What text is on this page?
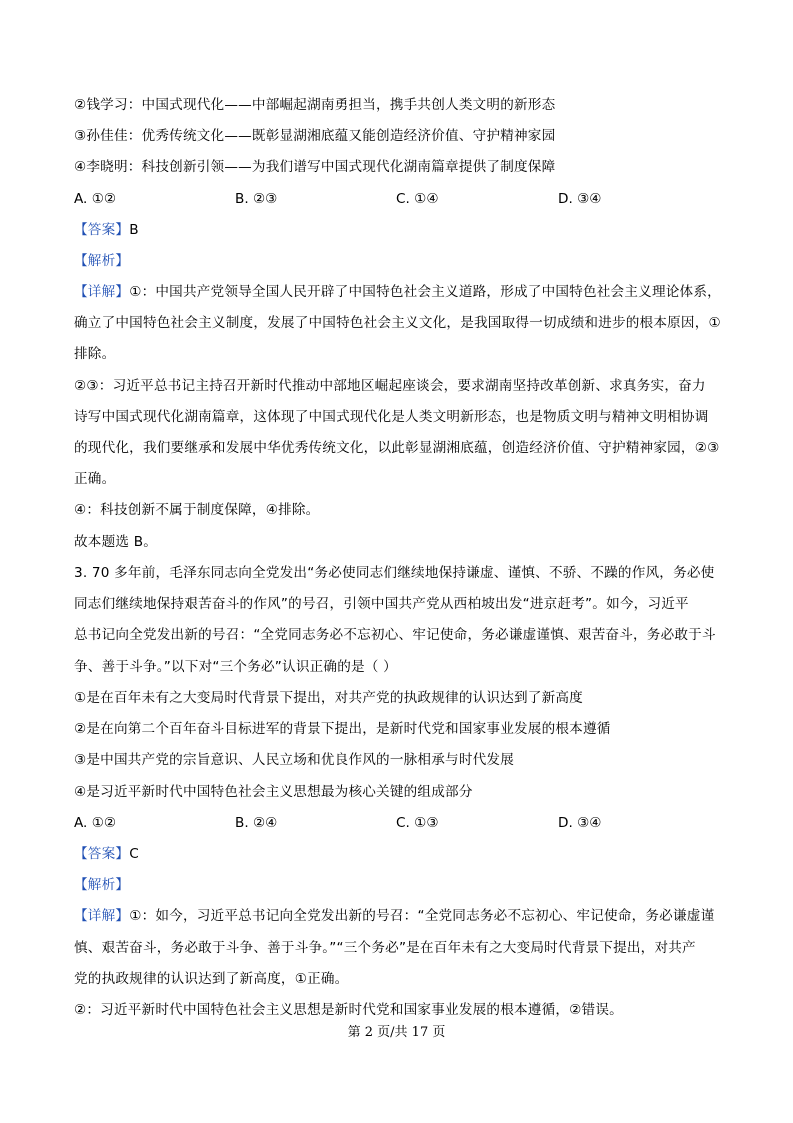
②钱学习：中国式现代化——中部崛起湖南勇担当，携手共创人类文明的新形态
③孙佳佳：优秀传统文化——既彰显湖湘底蕴又能创造经济价值、守护精神家园
④李晓明：科技创新引领——为我们谱写中国式现代化湖南篇章提供了制度保障
A. ①②	B. ②③	C. ①④	D. ③④
【答案】B
【解析】
【详解】①：中国共产党领导全国人民开辟了中国特色社会主义道路，形成了中国特色社会主义理论体系，
确立了中国特色社会主义制度，发展了中国特色社会主义文化，是我国取得一切成绩和进步的根本原因，①
排除。
②③：习近平总书记主持召开新时代推动中部地区崛起座谈会，要求湖南坚持改革创新、求真务实，奋力
诗写中国式现代化湖南篇章，这体现了中国式现代化是人类文明新形态，也是物质文明与精神文明相协调
的现代化，我们要继承和发展中华优秀传统文化，以此彰显湖湘底蕴，创造经济价值、守护精神家园，②③
正确。
④：科技创新不属于制度保障，④排除。
故本题选 B。
3. 70 多年前，毛泽东同志向全党发出“务必使同志们继续地保持谦虚、谨慎、不骄、不躁的作风，务必使
同志们继续地保持艰苦奋斗的作风”的号召，引领中国共产党从西柏坡出发“进京赶考”。如今，习近平
总书记向全党发出新的号召：“全党同志务必不忘初心、牢记使命，务必谦虚谨慎、艰苦奋斗，务必敢于斗
争、善于斗争。”以下对“三个务必”认识正确的是（ ）
①是在百年未有之大变局时代背景下提出，对共产党的执政规律的认识达到了新高度
②是在向第二个百年奋斗目标进军的背景下提出，是新时代党和国家事业发展的根本遵循
③是中国共产党的宗旨意识、人民立场和优良作风的一脉相承与时代发展
④是习近平新时代中国特色社会主义思想最为核心关键的组成部分
A. ①②	B. ②④	C. ①③	D. ③④
【答案】C
【解析】
【详解】①：如今，习近平总书记向全党发出新的号召：“全党同志务必不忘初心、牢记使命，务必谦虚谨
慎、艰苦奋斗，务必敢于斗争、善于斗争。”“三个务必”是在百年未有之大变局时代背景下提出，对共产
党的执政规律的认识达到了新高度，①正确。
②：习近平新时代中国特色社会主义思想是新时代党和国家事业发展的根本遵循，②错误。
第 2 页/共 17 页
